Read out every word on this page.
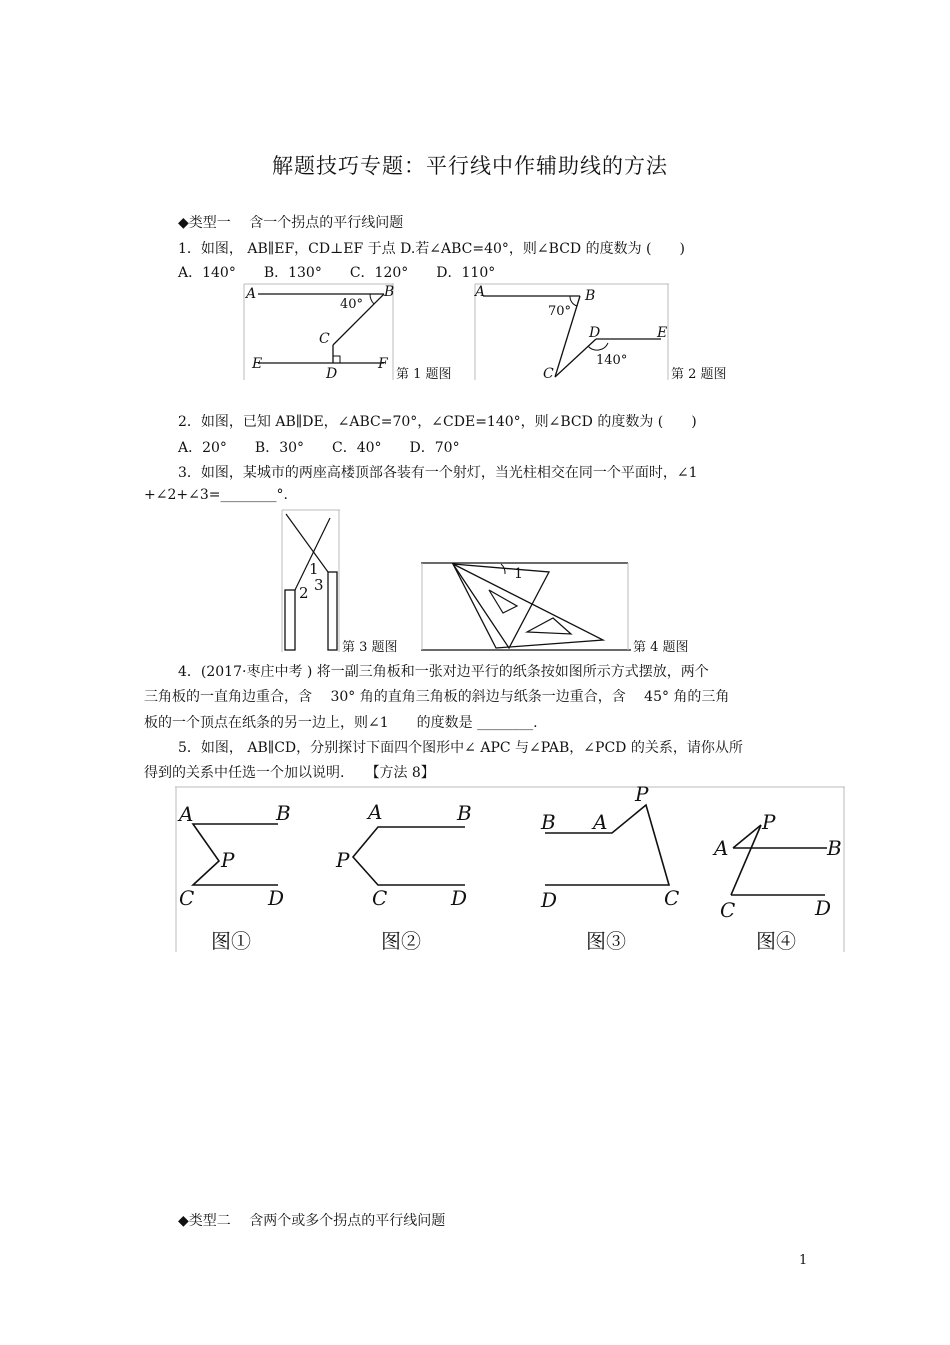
解题技巧专题：平行线中作辅助线的方法
◆类型一　 含一个拐点的平行线问题
1．如图， AB∥EF，CD⊥EF 于点 D.若∠ABC=40°，则∠BCD 的度数为 (　　)
A．140°　　B．130°　　C．120°　　D．110°
A	B
C
D
E	F
40°
第 1 题图
A	B
C
D	E
70°
140°
第 2 题图
2．如图，已知 AB∥DE，∠ABC=70°，∠CDE=140°，则∠BCD 的度数为 (　　)
A．20°　　B．30°　　C．40°　　D．70°
3．如图，某城市的两座高楼顶部各装有一个射灯，当光柱相交在同一个平面时，∠1
+∠2+∠3=________°.
1
2 3
第 3 题图
1
第 4 题图
4．(2017·枣庄中考 ) 将一副三角板和一张对边平行的纸条按如图所示方式摆放，两个
三角板的一直角边重合，含　 30° 角的直角三角板的斜边与纸条一边重合，含　 45° 角的三角
板的一个顶点在纸条的另一边上，则∠1　　的度数是 ________.
5．如图， AB∥CD，分别探讨下面四个图形中∠ APC 与∠PAB，∠PCD 的关系，请你从所
得到的关系中任选一个加以说明.　　【方法 8】
A	B
C	D
P
图①
A	B
C	D
P
图②
B A
P
C
D
图③
A	B
P
C	D
图④
◆类型二　 含两个或多个拐点的平行线问题
1
